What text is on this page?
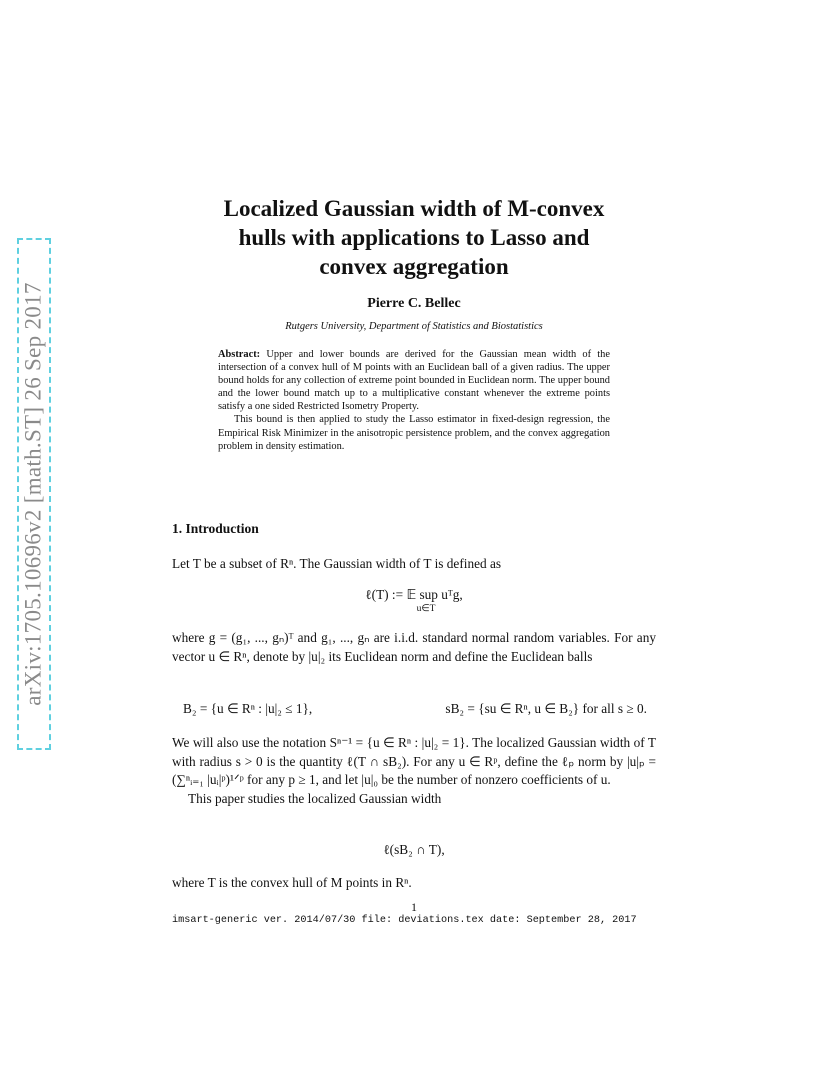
arXiv:1705.10696v2 [math.ST] 26 Sep 2017
Localized Gaussian width of M-convex
hulls with applications to Lasso and
convex aggregation
Pierre C. Bellec
Rutgers University, Department of Statistics and Biostatistics

Abstract: Upper and lower bounds are derived for the Gaussian mean width of the intersection of a convex hull of M points with an Euclidean ball of a given radius. The upper bound holds for any collection of extreme point bounded in Euclidean norm. The upper bound and the lower bound match up to a multiplicative constant whenever the extreme points satisfy a one sided Restricted Isometry Property.

This bound is then applied to study the Lasso estimator in fixed-design regression, the Empirical Risk Minimizer in the anisotropic persistence problem, and the convex aggregation problem in density estimation.

1. Introduction

Let T be a subset of Rⁿ. The Gaussian width of T is defined as

ℓ(T) := 𝔼 sup uᵀg,
u∈T

where g = (g₁, ..., gₙ)ᵀ and g₁, ..., gₙ are i.i.d. standard normal random variables. For any vector u ∈ Rⁿ, denote by |u|₂ its Euclidean norm and define the Euclidean balls

B₂ = {u ∈ Rⁿ : |u|₂ ≤ 1},	sB₂ = {su ∈ Rⁿ, u ∈ B₂} for all s ≥ 0.

We will also use the notation Sⁿ⁻¹ = {u ∈ Rⁿ : |u|₂ = 1}. The localized Gaussian width of T with radius s > 0 is the quantity ℓ(T ∩ sB₂). For any u ∈ Rᵖ, define the ℓₚ norm by |u|ₚ = (∑ⁿᵢ₌₁ |uᵢ|ᵖ)¹ᐟᵖ for any p ≥ 1, and let |u|₀ be the number of nonzero coefficients of u.

This paper studies the localized Gaussian width

ℓ(sB₂ ∩ T),

where T is the convex hull of M points in Rⁿ.

1
imsart-generic ver. 2014/07/30 file: deviations.tex date: September 28, 2017
